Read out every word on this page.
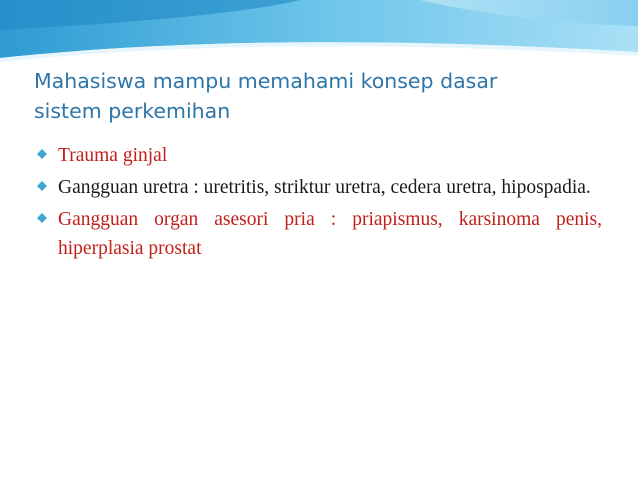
Mahasiswa mampu memahami konsep dasar
sistem perkemihan
Trauma ginjal
Gangguan uretra : uretritis, striktur uretra, cedera uretra, hipospadia.
Gangguan organ asesori pria : priapismus, karsinoma penis, hiperplasia prostat
